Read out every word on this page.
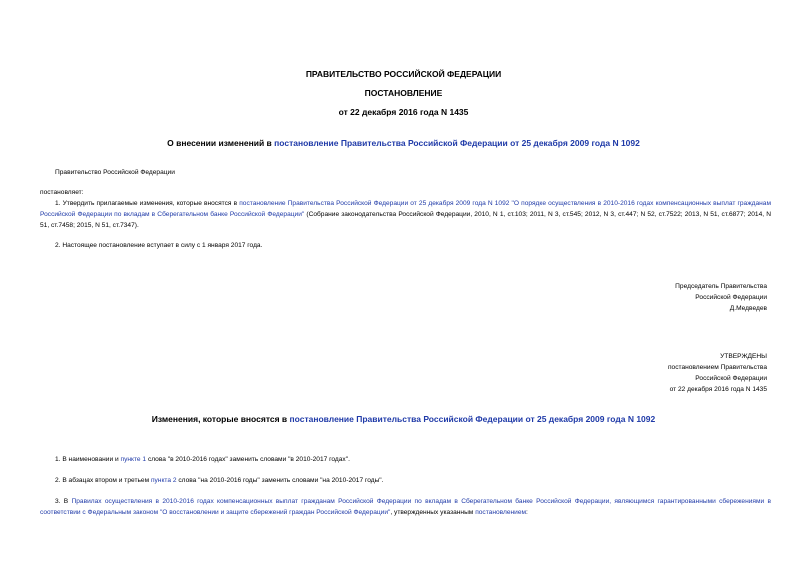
ПРАВИТЕЛЬСТВО РОССИЙСКОЙ ФЕДЕРАЦИИ
ПОСТАНОВЛЕНИЕ
от 22 декабря 2016 года N 1435
О внесении изменений в постановление Правительства Российской Федерации от 25 декабря 2009 года N 1092
Правительство Российской Федерации
постановляет:
1. Утвердить прилагаемые изменения, которые вносятся в постановление Правительства Российской Федерации от 25 декабря 2009 года N 1092 "О порядке осуществления в 2010-2016 годах компенсационных выплат гражданам Российской Федерации по вкладам в Сберегательном банке Российской Федерации" (Собрание законодательства Российской Федерации, 2010, N 1, ст.103; 2011, N 3, ст.545; 2012, N 3, ст.447; N 52, ст.7522; 2013, N 51, ст.6877; 2014, N 51, ст.7458; 2015, N 51, ст.7347).
2. Настоящее постановление вступает в силу с 1 января 2017 года.

Председатель Правительства

Российской Федерации

Д.Медведев

УТВЕРЖДЕНЫ

постановлением Правительства

Российской Федерации

от 22 декабря 2016 года N 1435

Изменения, которые вносятся в постановление Правительства Российской Федерации от 25 декабря 2009 года N 1092
1. В наименовании и пункте 1 слова "в 2010-2016 годах" заменить словами "в 2010-2017 годах".
2. В абзацах втором и третьем пункта 2 слова "на 2010-2016 годы" заменить словами "на 2010-2017 годы".
3. В Правилах осуществления в 2010-2016 годах компенсационных выплат гражданам Российской Федерации по вкладам в Сберегательном банке Российской Федерации, являющимся гарантированными сбережениями в соответствии с Федеральным законом "О восстановлении и защите сбережений граждан Российской Федерации", утвержденных указанным постановлением:
